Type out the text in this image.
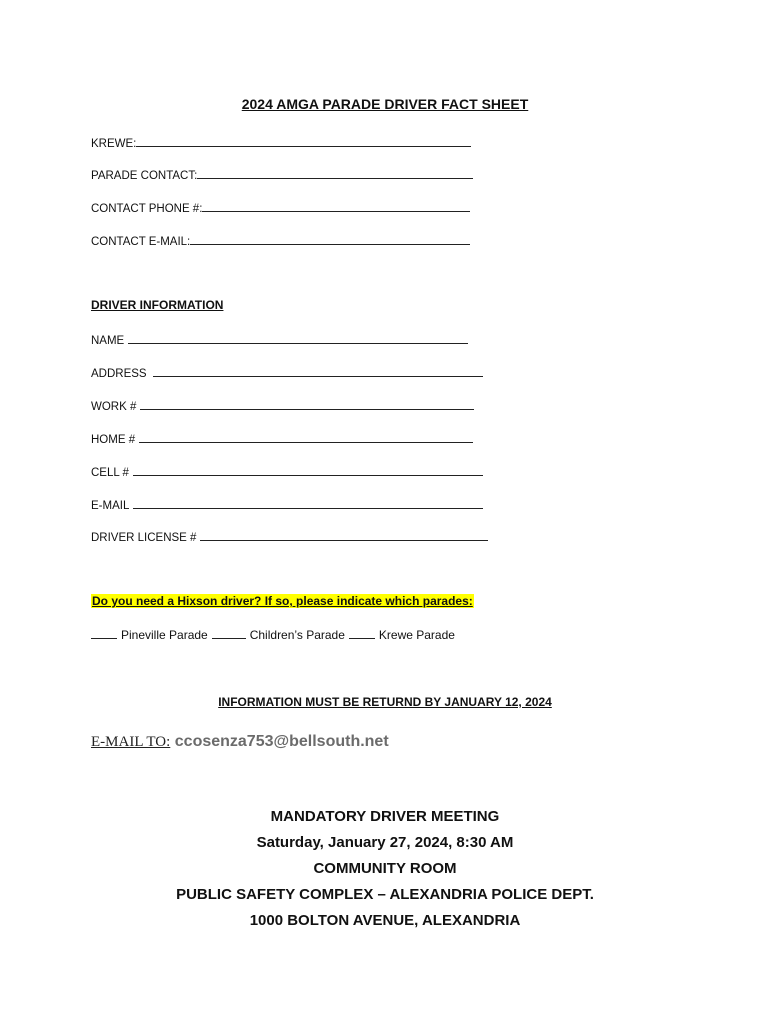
2024 AMGA PARADE DRIVER FACT SHEET
KREWE:
PARADE CONTACT:
CONTACT PHONE #:
CONTACT E-MAIL:
DRIVER INFORMATION
NAME
ADDRESS
WORK #
HOME #
CELL #
E-MAIL
DRIVER LICENSE #
Do you need a Hixson driver? If so, please indicate which parades:
Pineville Parade	Children’s Parade	Krewe Parade
INFORMATION MUST BE RETURND BY JANUARY 12, 2024
E-MAIL TO: ccosenza753@bellsouth.net
MANDATORY DRIVER MEETING
Saturday, January 27, 2024, 8:30 AM
COMMUNITY ROOM
PUBLIC SAFETY COMPLEX – ALEXANDRIA POLICE DEPT.
1000 BOLTON AVENUE, ALEXANDRIA
